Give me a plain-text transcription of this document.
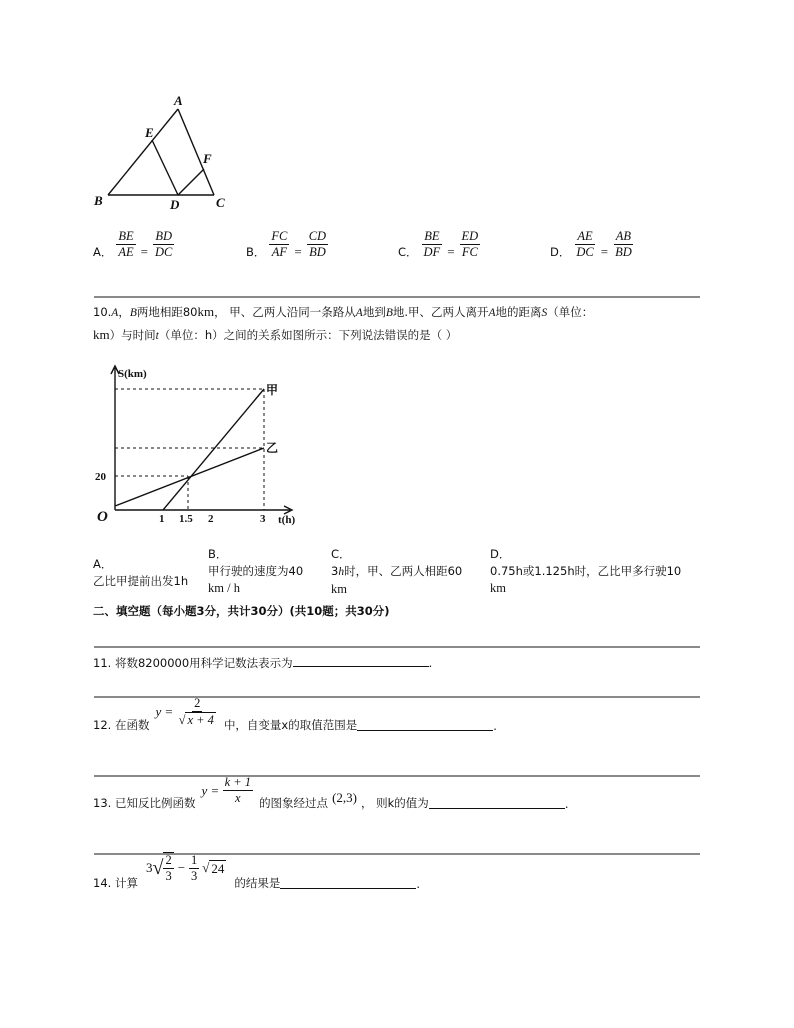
A
B	C
D
E
F
A． $\frac{BE}{AE} = \frac{BD}{DC}$	B． $\frac{FC}{AF} = \frac{CD}{BD}$	C． $\frac{BE}{DF} = \frac{ED}{FC}$	D． $\frac{AE}{DC} = \frac{AB}{BD}$
10.A，B两地相距80km， 甲、乙两人沿同一条路从A地到B地.甲、乙两人离开A地的距离S（单位：
km）与时间t（单位：h）之间的关系如图所示：下列说法错误的是（ ）
S(km)
t(h)
O
20
1 1.5 2	3
甲
乙
A．
乙比甲提前出发1h
B．
甲行驶的速度为40
km / h
C．
3h时，甲、乙两人相距60
km
D．
0.75h或1.125h时，乙比甲多行驶10
km
二、填空题（每小题3分，共计30分）(共10题；共30分)
11. 将数8200000用科学记数法表示为	.
12. 在函数
$y = \frac{2}{√ x + 4}$ 中，自变量x的取值范围是	.
13. 已知反比例函数
$y = \frac{k + 1}{x}$ 的图象经过点 (2,3) ， 则k的值为	.
14. 计算
3 √ $\frac{2}{3} - \frac{1}{3}$ √ 24
的结果是	.
